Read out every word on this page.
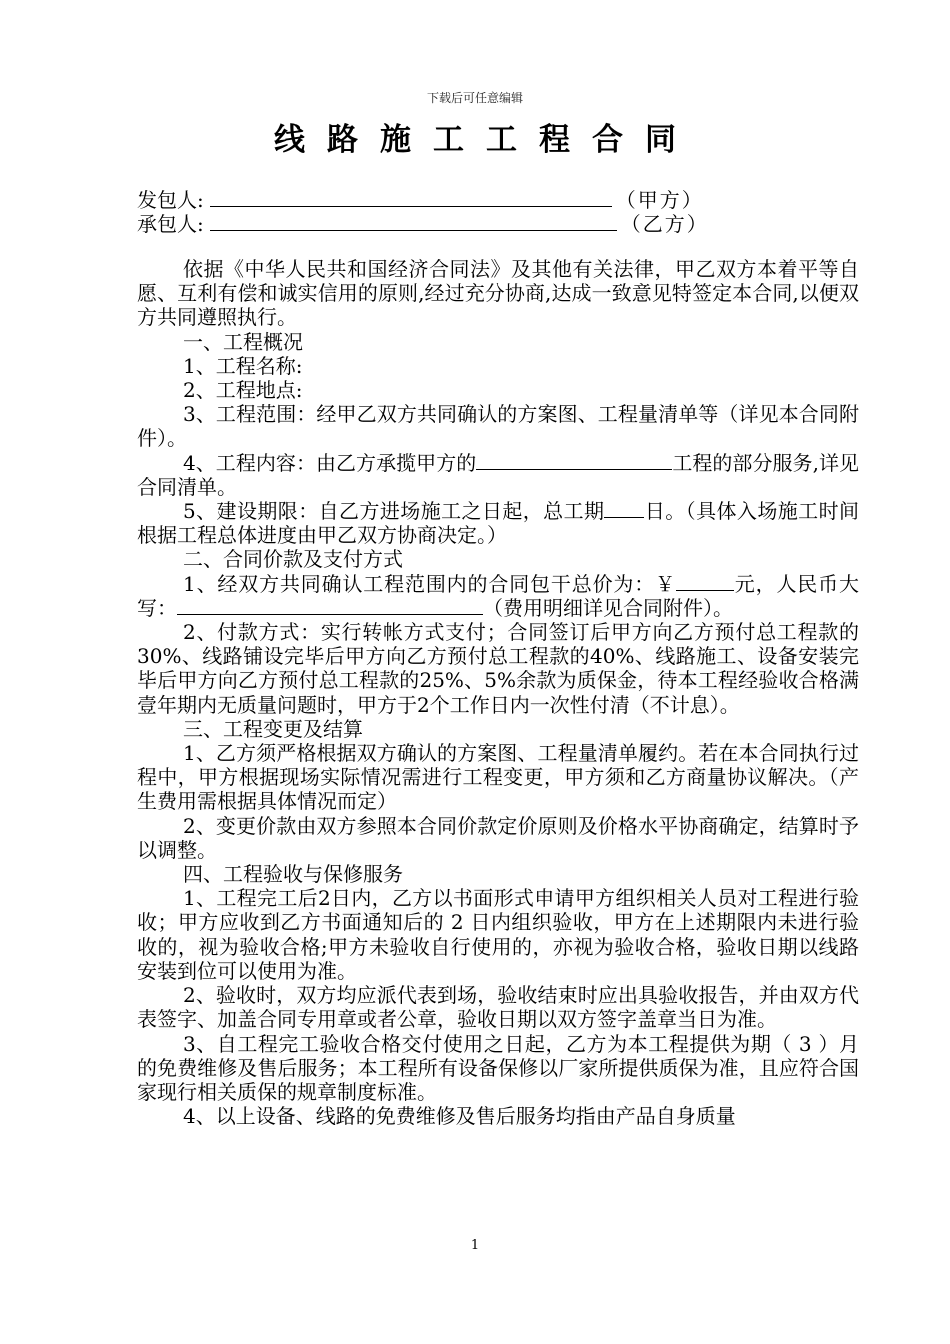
下载后可任意编辑
线路施工工程合同
发包人:	（甲方）
承包人:	（乙方）

依据《中华人民共和国经济合同法》及其他有关法律，甲乙双方本着平等自愿、互利有偿和诚实信用的原则,经过充分协商,达成一致意见特签定本合同,以便双方共同遵照执行。

一、工程概况

1、工程名称:

2、工程地点:

3、工程范围：经甲乙双方共同确认的方案图、工程量清单等（详见本合同附件）。

4、工程内容：由乙方承揽甲方的	工程的部分服务,详见合同清单。

5、建设期限：自乙方进场施工之日起，总工期 日。（具体入场施工时间根据工程总体进度由甲乙双方协商决定。）

二、合同价款及支付方式

1、经双方共同确认工程范围内的合同包干总价为：￥	元，人民币大写：	（费用明细详见合同附件）。

2、付款方式：实行转帐方式支付；合同签订后甲方向乙方预付总工程款的30%、线路铺设完毕后甲方向乙方预付总工程款的40%、线路施工、设备安装完毕后甲方向乙方预付总工程款的25%、5%余款为质保金，待本工程经验收合格满壹年期内无质量问题时，甲方于2个工作日内一次性付清（不计息）。

三、工程变更及结算

1、乙方须严格根据双方确认的方案图、工程量清单履约。若在本合同执行过程中，甲方根据现场实际情况需进行工程变更，甲方须和乙方商量协议解决。（产生费用需根据具体情况而定）

2、变更价款由双方参照本合同价款定价原则及价格水平协商确定，结算时予以调整。

四、工程验收与保修服务

1、工程完工后2日内，乙方以书面形式申请甲方组织相关人员对工程进行验收；甲方应收到乙方书面通知后的 2 日内组织验收，甲方在上述期限内未进行验收的，视为验收合格;甲方未验收自行使用的，亦视为验收合格，验收日期以线路安装到位可以使用为准。

2、验收时，双方均应派代表到场，验收结束时应出具验收报告，并由双方代表签字、加盖合同专用章或者公章，验收日期以双方签字盖章当日为准。

3、自工程完工验收合格交付使用之日起，乙方为本工程提供为期（ 3 ）月的免费维修及售后服务；本工程所有设备保修以厂家所提供质保为准，且应符合国家现行相关质保的规章制度标准。

4、以上设备、线路的免费维修及售后服务均指由产品自身质量

1
